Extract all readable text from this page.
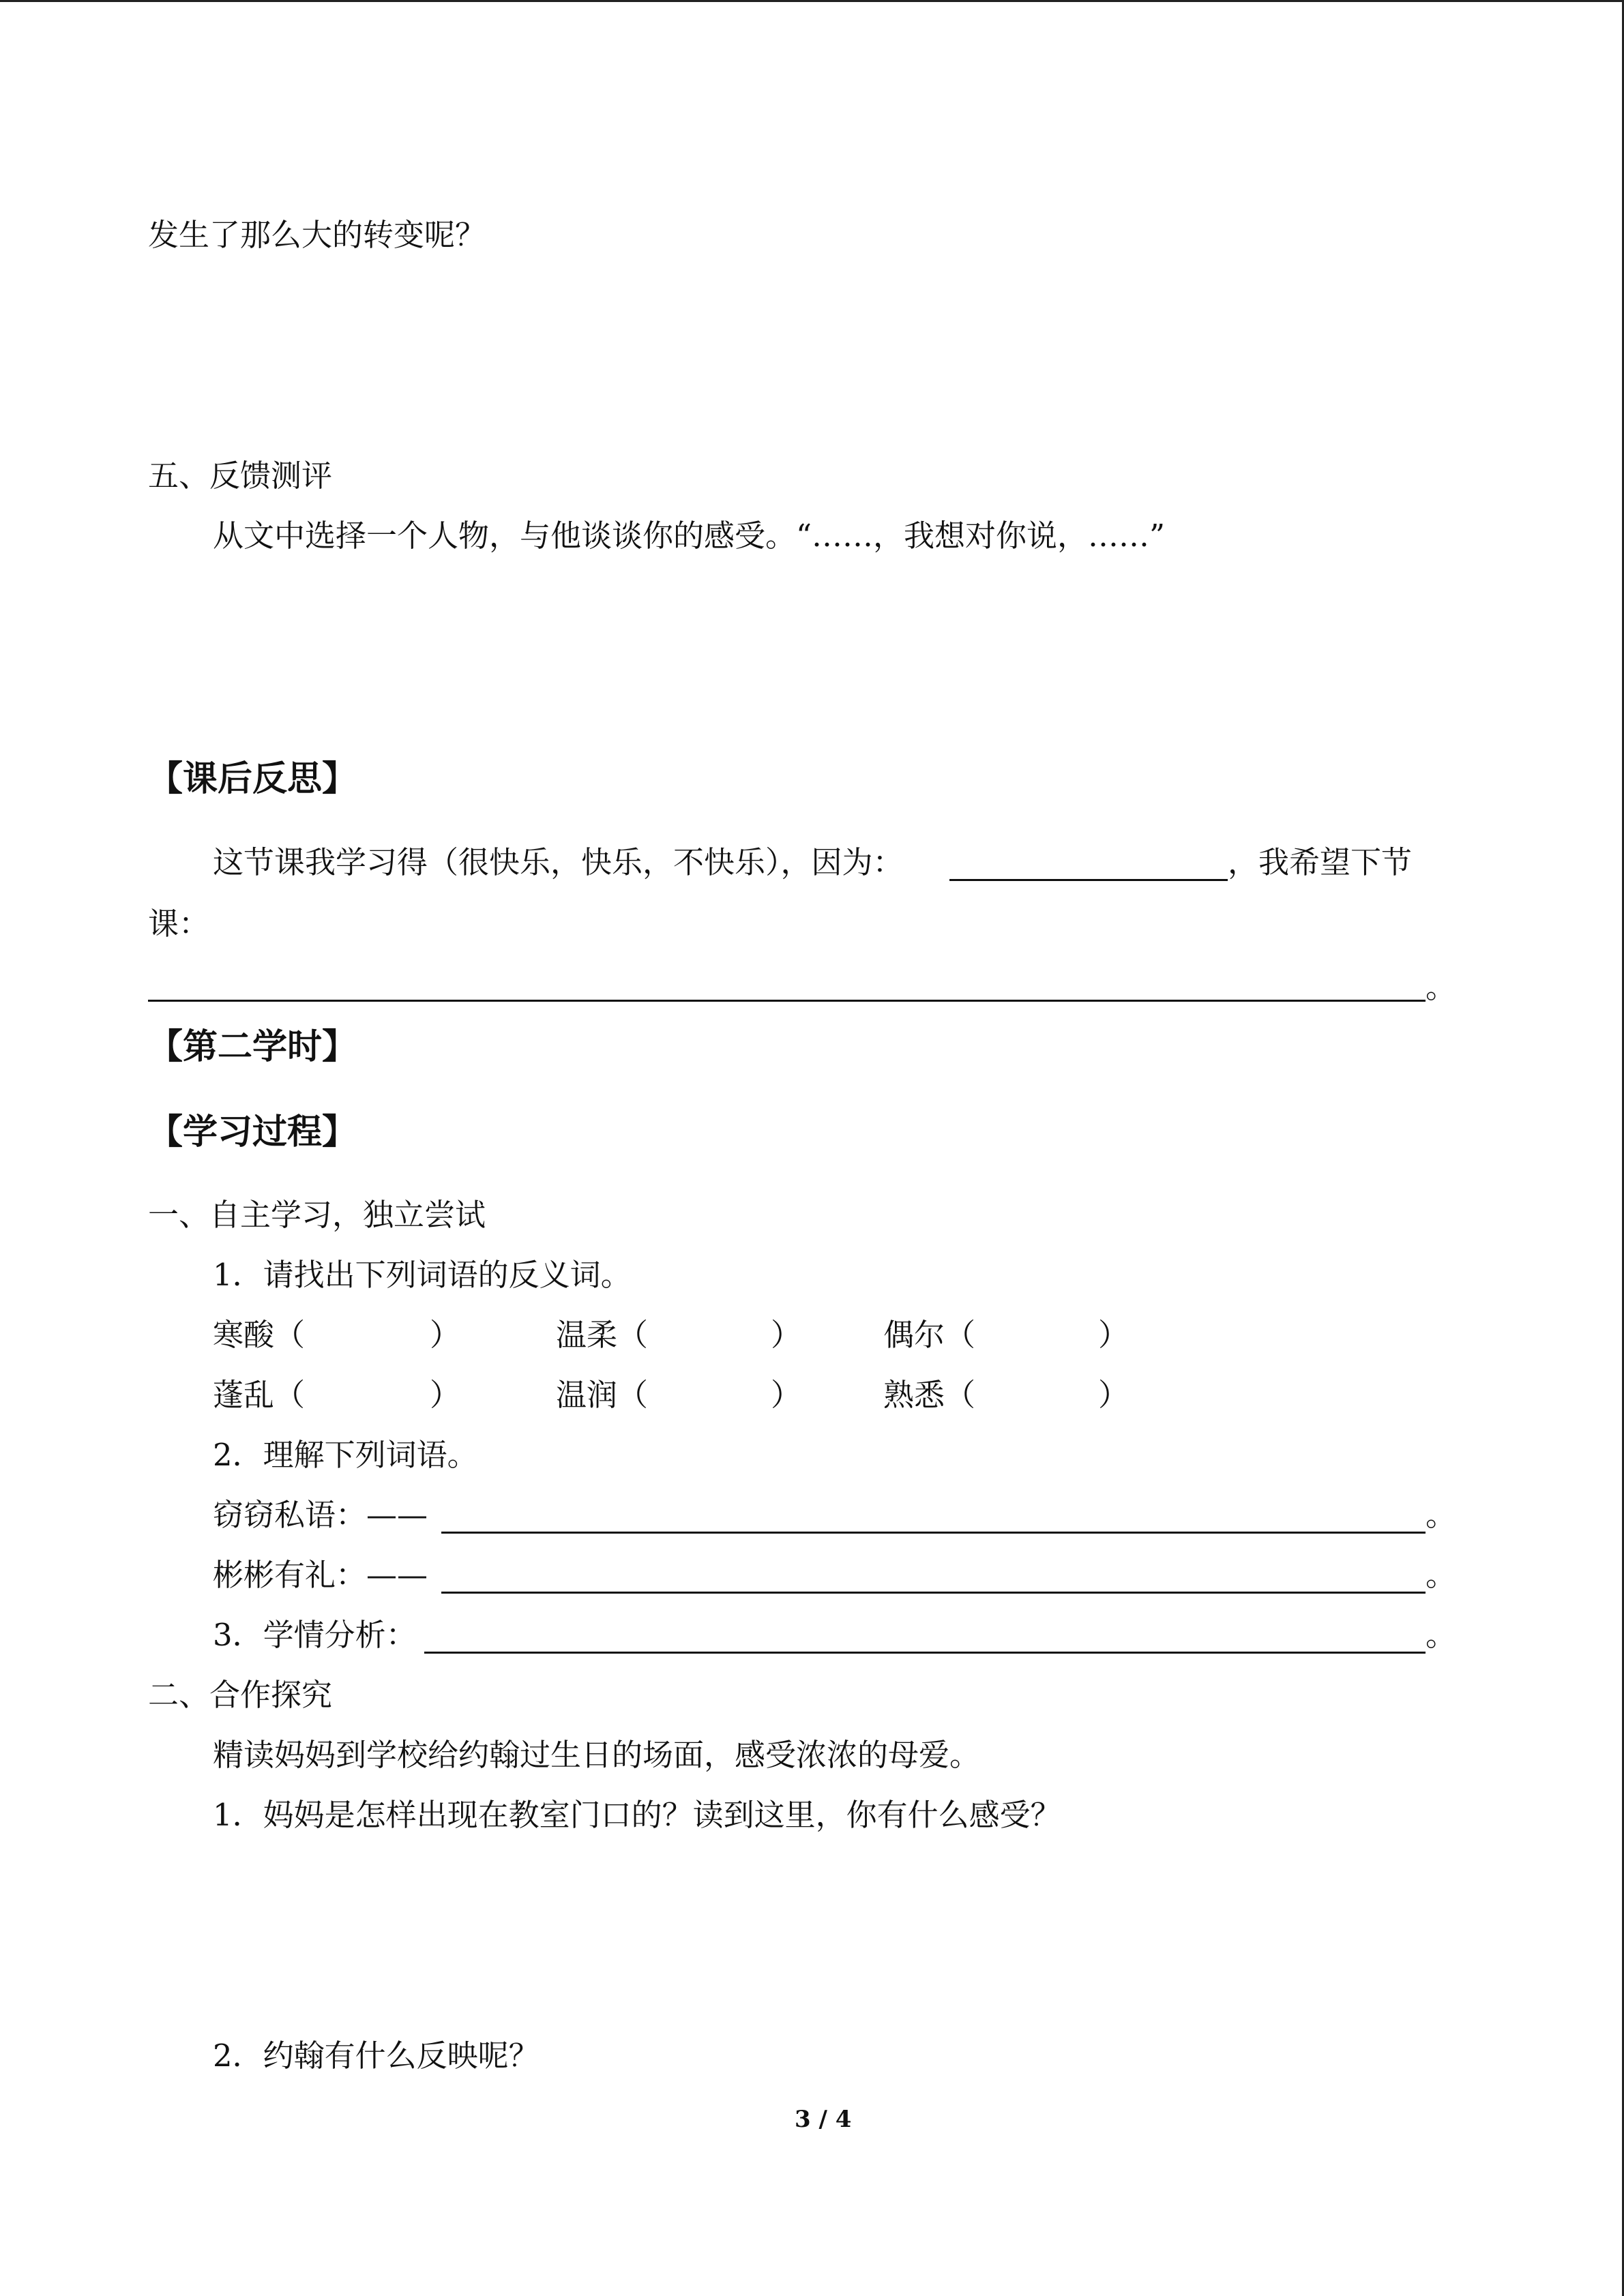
发生了那么大的转变呢？
五、反馈测评
从文中选择一个人物，与他谈谈你的感受。“……，我想对你说，……”
【课后反思】
这节课我学习得（很快乐，快乐，不快乐），因为：	，我希望下节
课：
。
【第二学时】
【学习过程】
一、自主学习，独立尝试
1．请找出下列词语的反义词。
寒酸（	）	温柔（	）	偶尔（	）
蓬乱（	）	温润（	）	熟悉（	）
2．理解下列词语。
窃窃私语：——	。
彬彬有礼：——	。
3．学情分析：	。
二、合作探究
精读妈妈到学校给约翰过生日的场面，感受浓浓的母爱。
1．妈妈是怎样出现在教室门口的？读到这里，你有什么感受？
2．约翰有什么反映呢？
3 / 4
